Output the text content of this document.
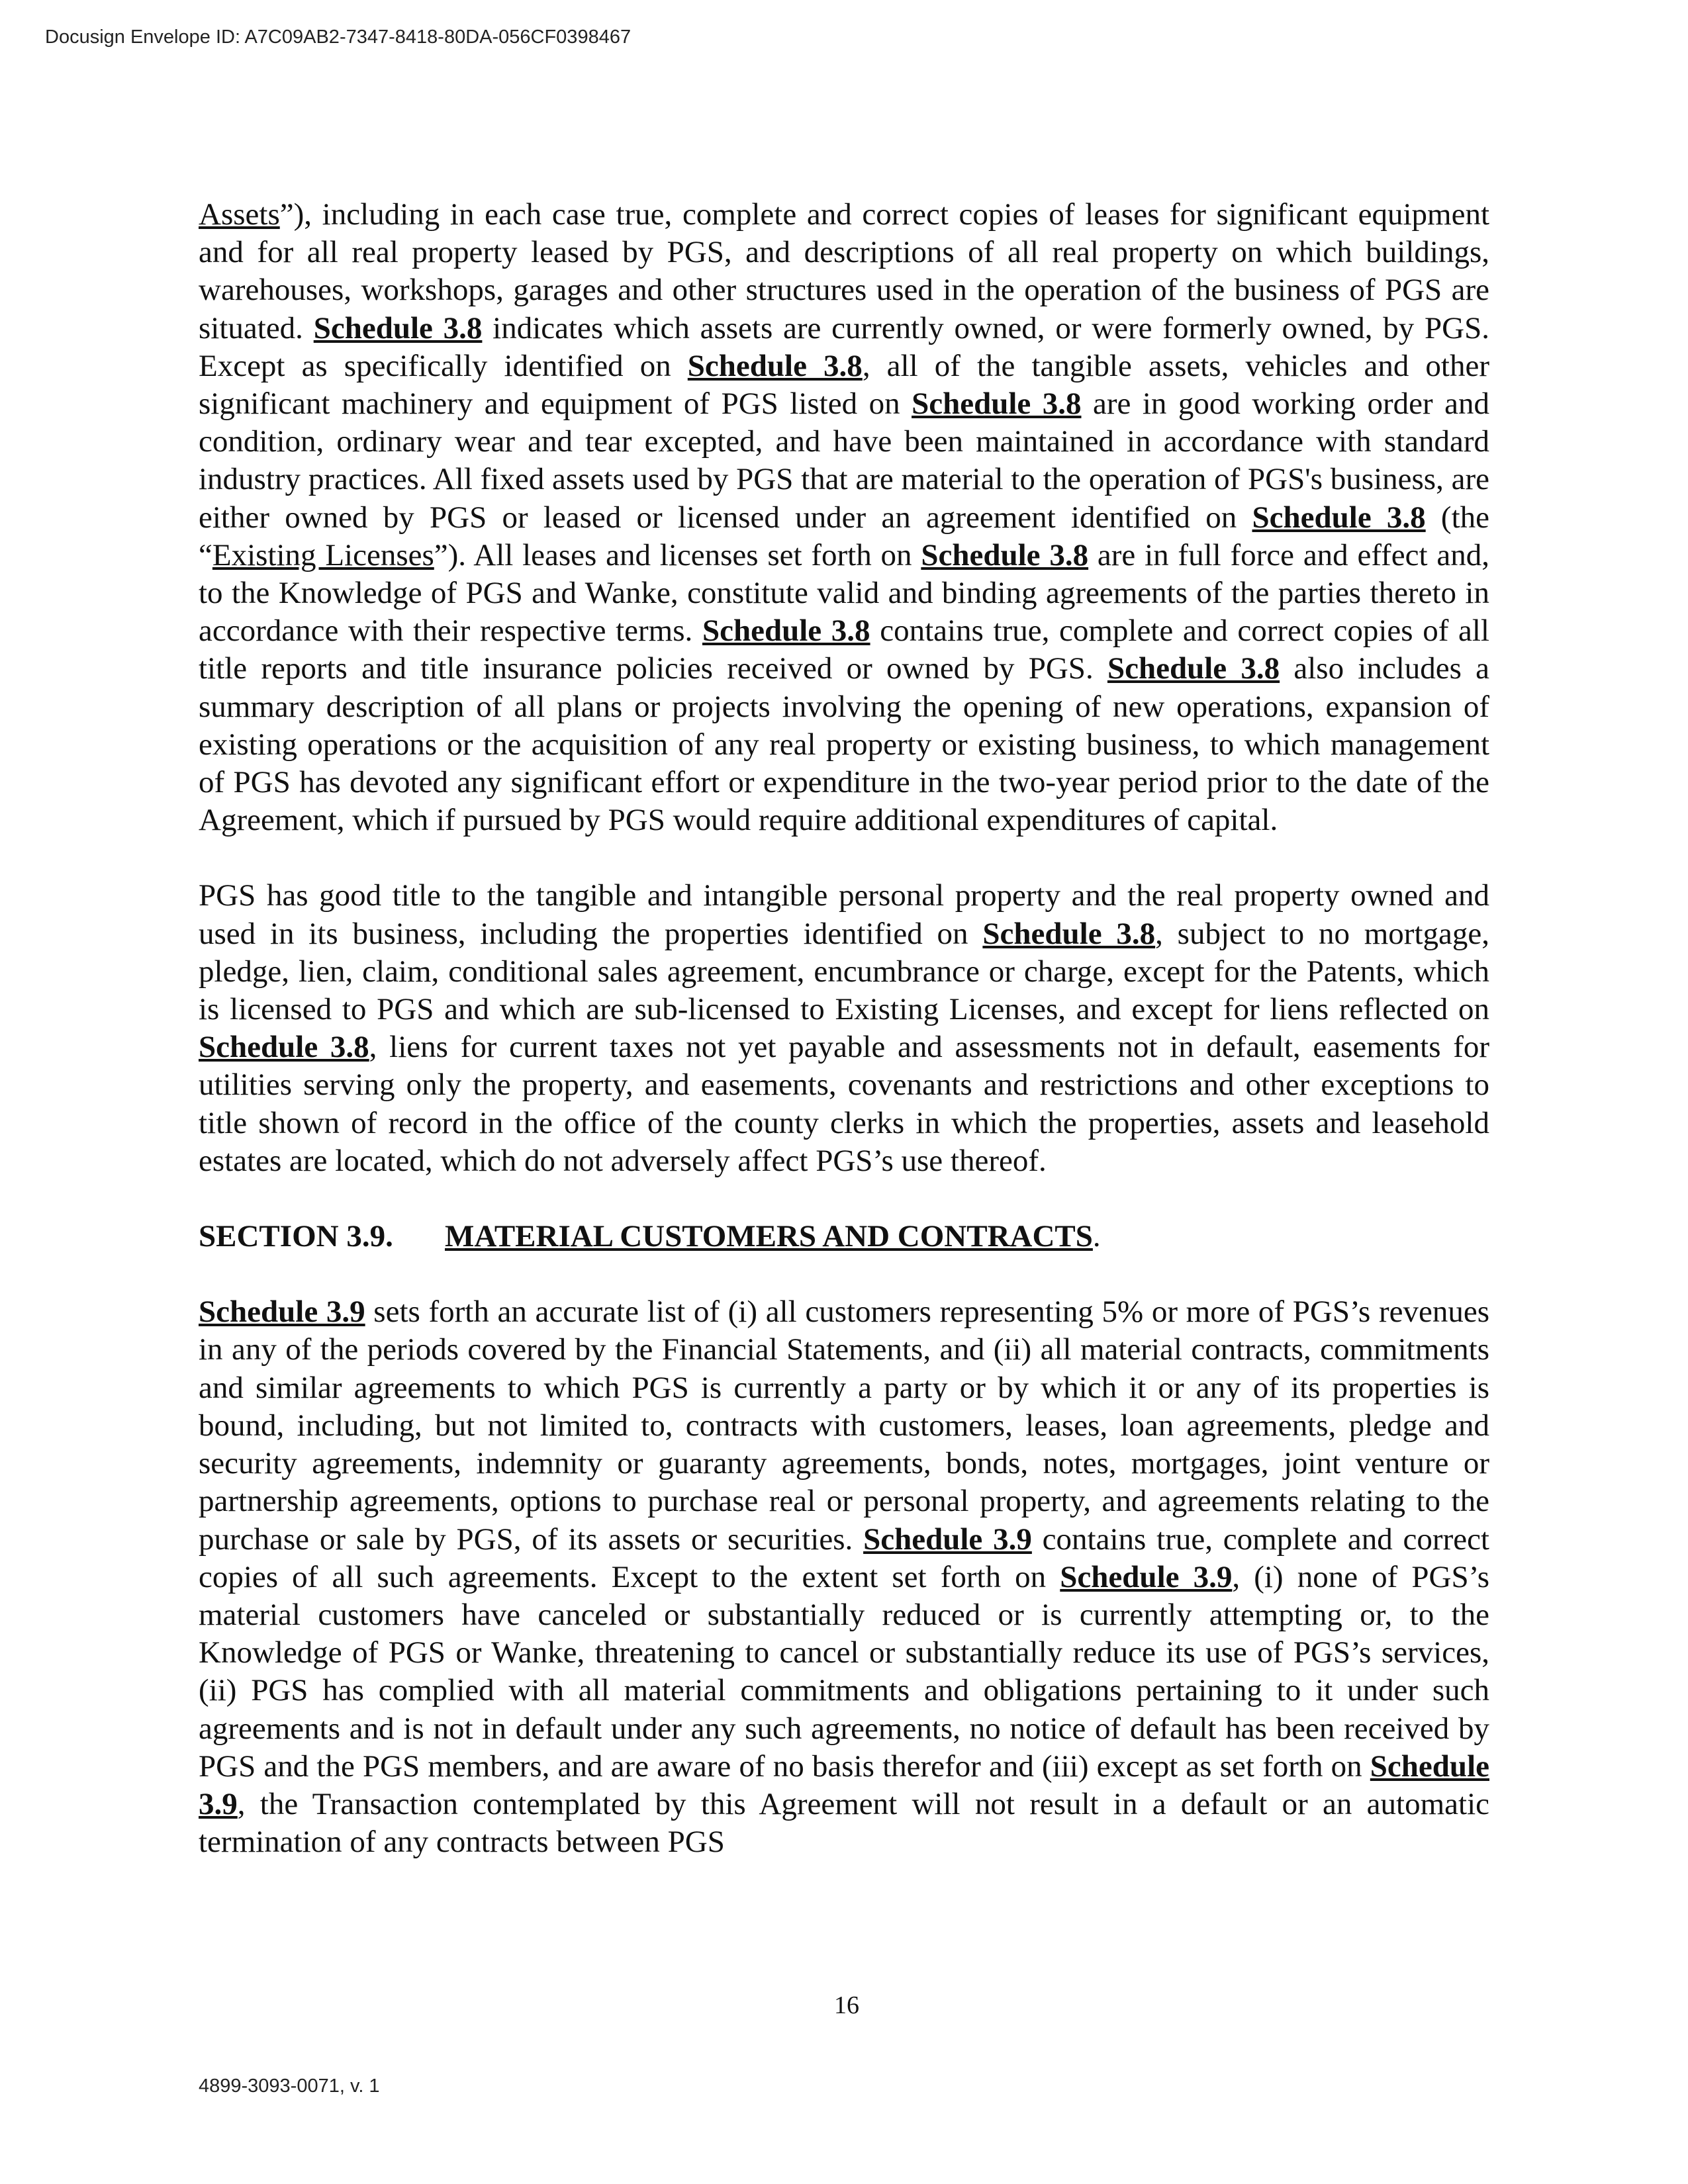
Docusign Envelope ID: A7C09AB2-7347-8418-80DA-056CF0398467

Assets”), including in each case true, complete and correct copies of leases for significant equipment and for all real property leased by PGS, and descriptions of all real property on which buildings, warehouses, workshops, garages and other structures used in the operation of the business of PGS are situated. Schedule 3.8 indicates which assets are currently owned, or were formerly owned, by PGS. Except as specifically identified on Schedule 3.8, all of the tangible assets, vehicles and other significant machinery and equipment of PGS listed on Schedule 3.8 are in good working order and condition, ordinary wear and tear excepted, and have been maintained in accordance with standard industry practices. All fixed assets used by PGS that are material to the operation of PGS's business, are either owned by PGS or leased or licensed under an agreement identified on Schedule 3.8 (the “Existing Licenses”). All leases and licenses set forth on Schedule 3.8 are in full force and effect and, to the Knowledge of PGS and Wanke, constitute valid and binding agreements of the parties thereto in accordance with their respective terms. Schedule 3.8 contains true, complete and correct copies of all title reports and title insurance policies received or owned by PGS. Schedule 3.8 also includes a summary description of all plans or projects involving the opening of new operations, expansion of existing operations or the acquisition of any real property or existing business, to which management of PGS has devoted any significant effort or expenditure in the two-year period prior to the date of the Agreement, which if pursued by PGS would require additional expenditures of capital.

PGS has good title to the tangible and intangible personal property and the real property owned and used in its business, including the properties identified on Schedule 3.8, subject to no mortgage, pledge, lien, claim, conditional sales agreement, encumbrance or charge, except for the Patents, which is licensed to PGS and which are sub-licensed to Existing Licenses, and except for liens reflected on Schedule 3.8, liens for current taxes not yet payable and assessments not in default, easements for utilities serving only the property, and easements, covenants and restrictions and other exceptions to title shown of record in the office of the county clerks in which the properties, assets and leasehold estates are located, which do not adversely affect PGS’s use thereof.

SECTION 3.9.	MATERIAL CUSTOMERS AND CONTRACTS .

Schedule 3.9 sets forth an accurate list of (i) all customers representing 5% or more of PGS’s revenues in any of the periods covered by the Financial Statements, and (ii) all material contracts, commitments and similar agreements to which PGS is currently a party or by which it or any of its properties is bound, including, but not limited to, contracts with customers, leases, loan agreements, pledge and security agreements, indemnity or guaranty agreements, bonds, notes, mortgages, joint venture or partnership agreements, options to purchase real or personal property, and agreements relating to the purchase or sale by PGS, of its assets or securities. Schedule 3.9 contains true, complete and correct copies of all such agreements. Except to the extent set forth on Schedule 3.9, (i) none of PGS’s material customers have canceled or substantially reduced or is currently attempting or, to the Knowledge of PGS or Wanke, threatening to cancel or substantially reduce its use of PGS’s services, (ii) PGS has complied with all material commitments and obligations pertaining to it under such agreements and is not in default under any such agreements, no notice of default has been received by PGS and the PGS members, and are aware of no basis therefor and (iii) except as set forth on Schedule 3.9, the Transaction contemplated by this Agreement will not result in a default or an automatic termination of any contracts between PGS

16
4899-3093-0071, v. 1
